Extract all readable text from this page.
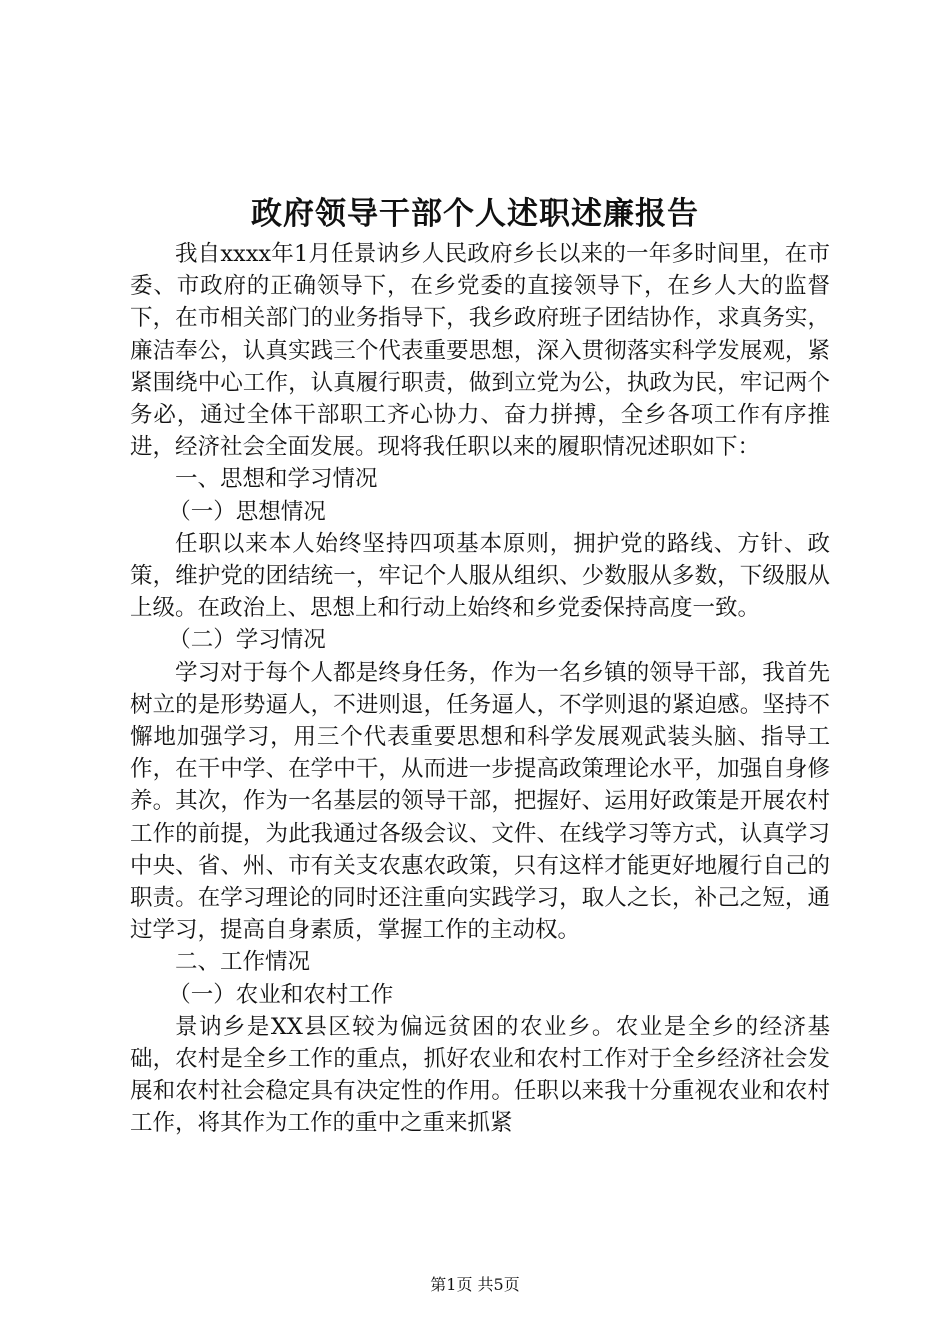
政府领导干部个人述职述廉报告

我自xxxx年1月任景讷乡人民政府乡长以来的一年多时间里，在市委、市政府的正确领导下，在乡党委的直接领导下，在乡人大的监督下，在市相关部门的业务指导下，我乡政府班子团结协作，求真务实，廉洁奉公，认真实践三个代表重要思想，深入贯彻落实科学发展观，紧紧围绕中心工作，认真履行职责，做到立党为公，执政为民，牢记两个务必，通过全体干部职工齐心协力、奋力拼搏，全乡各项工作有序推进，经济社会全面发展。现将我任职以来的履职情况述职如下：

一、思想和学习情况

（一）思想情况

任职以来本人始终坚持四项基本原则，拥护党的路线、方针、政策，维护党的团结统一，牢记个人服从组织、少数服从多数，下级服从上级。在政治上、思想上和行动上始终和乡党委保持高度一致。

（二）学习情况

学习对于每个人都是终身任务，作为一名乡镇的领导干部，我首先树立的是形势逼人，不进则退，任务逼人，不学则退的紧迫感。坚持不懈地加强学习，用三个代表重要思想和科学发展观武装头脑、指导工作，在干中学、在学中干，从而进一步提高政策理论水平，加强自身修养。其次，作为一名基层的领导干部，把握好、运用好政策是开展农村工作的前提，为此我通过各级会议、文件、在线学习等方式，认真学习中央、省、州、市有关支农惠农政策，只有这样才能更好地履行自己的职责。在学习理论的同时还注重向实践学习，取人之长，补己之短，通过学习，提高自身素质，掌握工作的主动权。

二、工作情况

（一）农业和农村工作

景讷乡是XX县区较为偏远贫困的农业乡。农业是全乡的经济基础，农村是全乡工作的重点，抓好农业和农村工作对于全乡经济社会发展和农村社会稳定具有决定性的作用。任职以来我十分重视农业和农村工作，将其作为工作的重中之重来抓紧

第1页 共5页
